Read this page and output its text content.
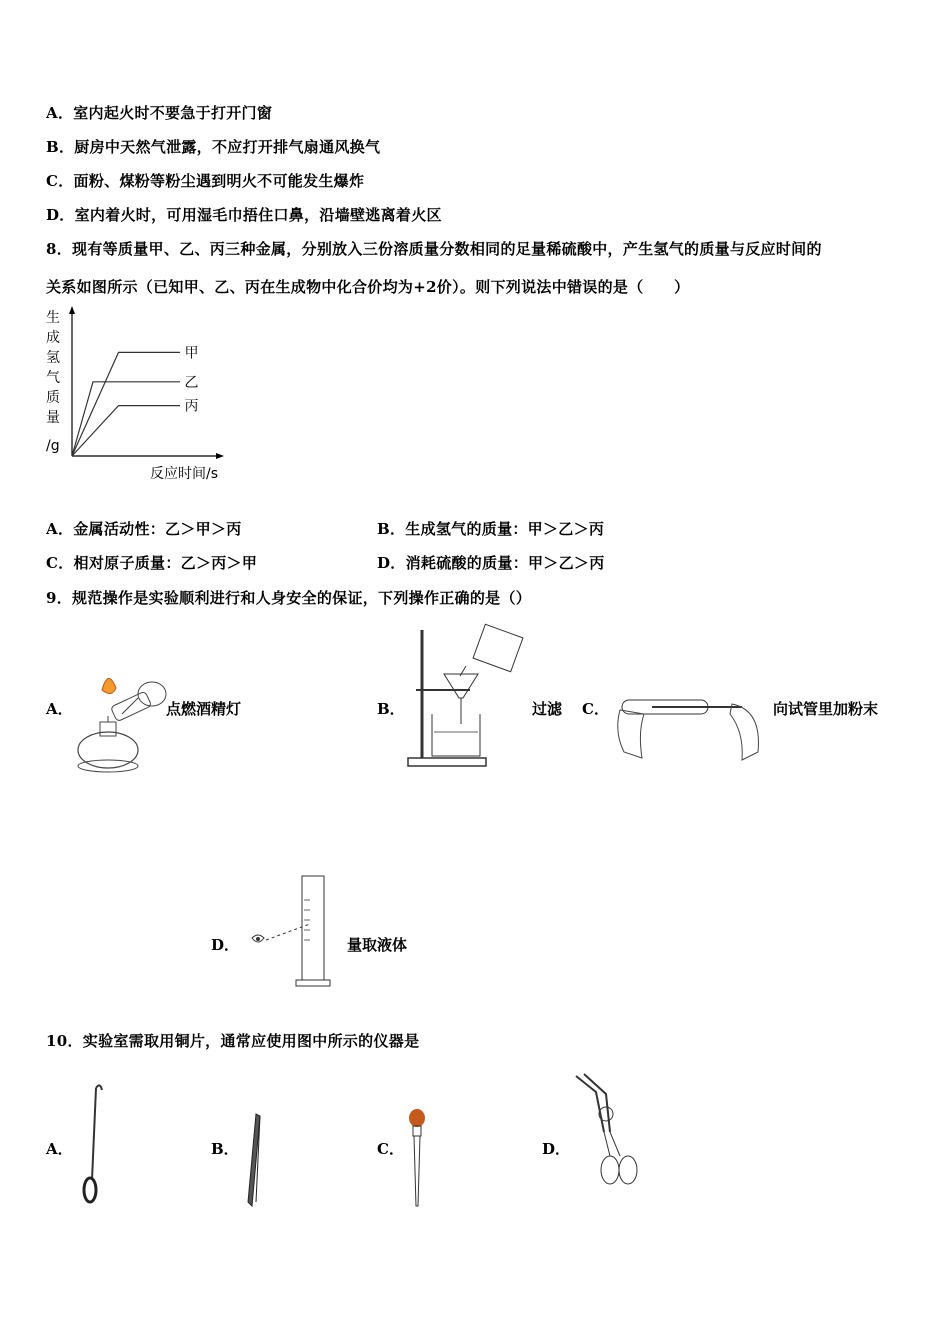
A．室内起火时不要急于打开门窗
B．厨房中天然气泄露，不应打开排气扇通风换气
C．面粉、煤粉等粉尘遇到明火不可能发生爆炸
D．室内着火时，可用湿毛巾捂住口鼻，沿墙壁逃离着火区
8．现有等质量甲、乙、丙三种金属，分别放入三份溶质量分数相同的足量稀硫酸中，产生氢气的质量与反应时间的
关系如图所示（已知甲、乙、丙在生成物中化合价均为+2价）。则下列说法中错误的是（　　）
生
成
氢
气
质
量
/g
甲
乙
丙
反应时间/s
A．金属活动性：乙＞甲＞丙	B．生成氢气的质量：甲＞乙＞丙
C．相对原子质量：乙＞丙＞甲	D．消耗硫酸的质量：甲＞乙＞丙
9．规范操作是实验顺利进行和人身安全的保证，下列操作正确的是（）
A．	点燃酒精灯	B．	过滤 C．	向试管里加粉末
D．	量取液体
10．实验室需取用铜片，通常应使用图中所示的仪器是
A．	B．	C．	D．
